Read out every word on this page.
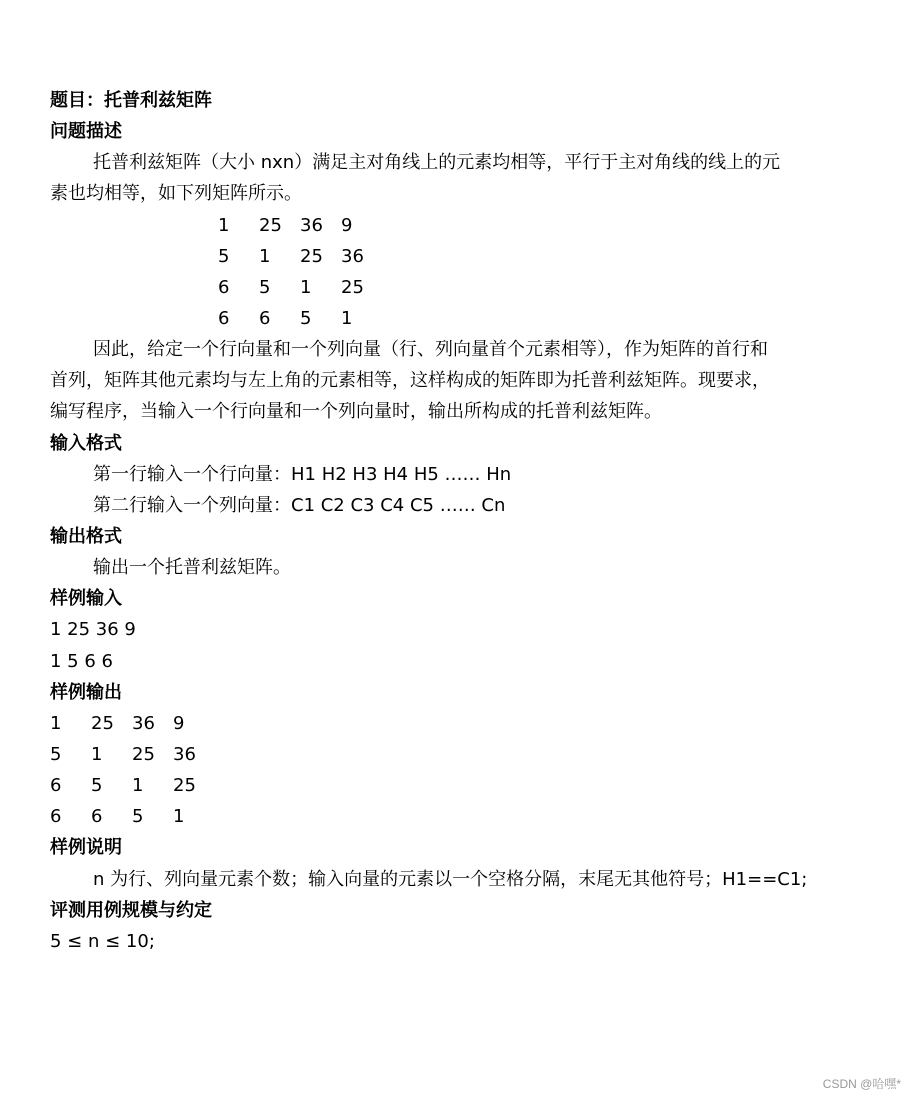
题目：托普利兹矩阵
问题描述
托普利兹矩阵（大小 nxn）满足主对角线上的元素均相等，平行于主对角线的线上的元
素也均相等，如下列矩阵所示。
1 25 36 9
5 1 25 36
6 5 1 25
6 6 5 1
因此，给定一个行向量和一个列向量（行、列向量首个元素相等），作为矩阵的首行和
首列，矩阵其他元素均与左上角的元素相等，这样构成的矩阵即为托普利兹矩阵。现要求，
编写程序，当输入一个行向量和一个列向量时，输出所构成的托普利兹矩阵。
输入格式
第一行输入一个行向量：H1 H2 H3 H4 H5 …… Hn
第二行输入一个列向量：C1 C2 C3 C4 C5 …… Cn
输出格式
输出一个托普利兹矩阵。
样例输入
1 25 36 9
1 5 6 6
样例输出
1 25 36 9
5 1 25 36
6 5 1 25
6 6 5 1
样例说明
n 为行、列向量元素个数；输入向量的元素以一个空格分隔，末尾无其他符号；H1==C1;
评测用例规模与约定
5 ≤ n ≤ 10;
CSDN @哈嘿*
